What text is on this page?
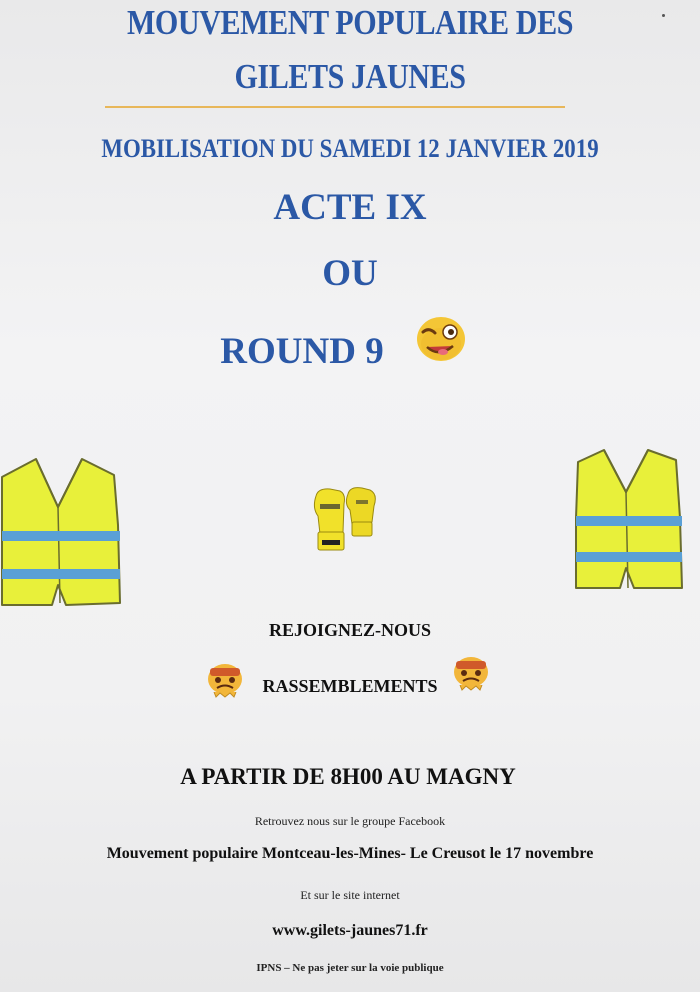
MOUVEMENT POPULAIRE DES
GILETS JAUNES
MOBILISATION DU SAMEDI 12 JANVIER 2019
ACTE IX
OU
ROUND 9
REJOIGNEZ-NOUS
RASSEMBLEMENTS
A PARTIR DE 8H00 AU MAGNY
Retrouvez nous sur le groupe Facebook
Mouvement populaire Montceau-les-Mines- Le Creusot le 17 novembre
Et sur le site internet
www.gilets-jaunes71.fr
IPNS – Ne pas jeter sur la voie publique
